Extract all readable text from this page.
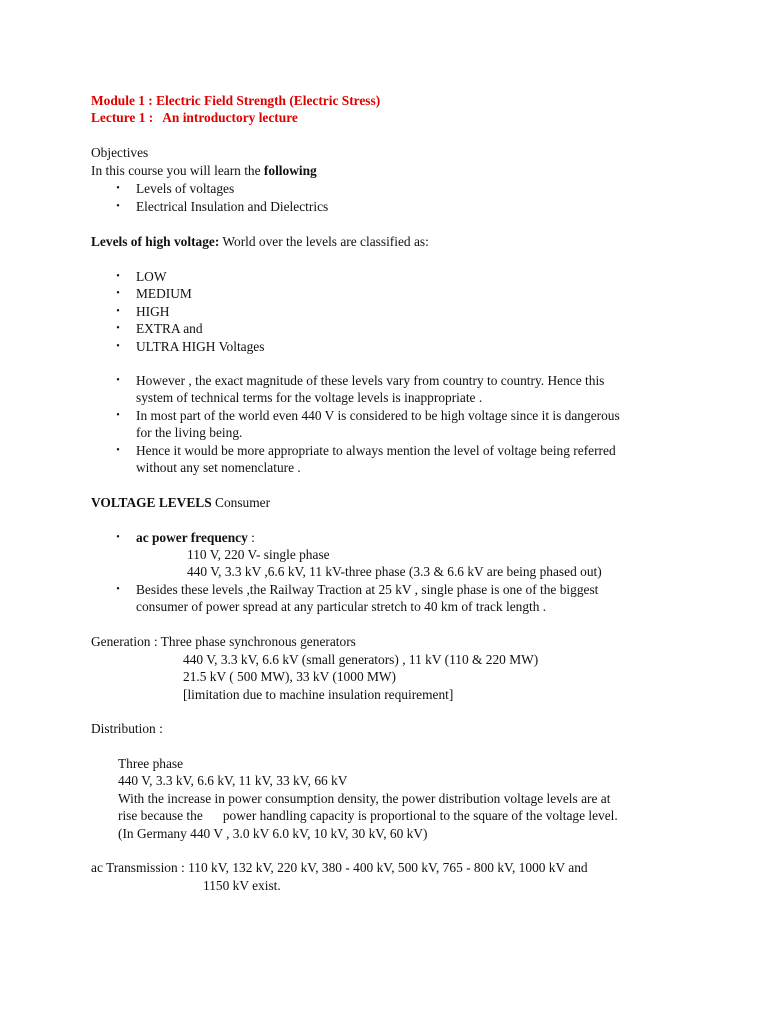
Module 1 : Electric Field Strength (Electric Stress)
Lecture 1 : An introductory lecture
Objectives
In this course you will learn the following
• Levels of voltages
• Electrical Insulation and Dielectrics
Levels of high voltage: World over the levels are classified as:
• LOW
• MEDIUM
• HIGH
• EXTRA and
• ULTRA HIGH Voltages
• However , the exact magnitude of these levels vary from country to country. Hence this
system of technical terms for the voltage levels is inappropriate .
• In most part of the world even 440 V is considered to be high voltage since it is dangerous
for the living being.
• Hence it would be more appropriate to always mention the level of voltage being referred
without any set nomenclature .
VOLTAGE LEVELS Consumer
• ac power frequency :
110 V, 220 V- single phase
440 V, 3.3 kV ,6.6 kV, 11 kV-three phase (3.3 & 6.6 kV are being phased out)
• Besides these levels ,the Railway Traction at 25 kV , single phase is one of the biggest
consumer of power spread at any particular stretch to 40 km of track length .
Generation : Three phase synchronous generators
440 V, 3.3 kV, 6.6 kV (small generators) , 11 kV (110 & 220 MW)
21.5 kV ( 500 MW), 33 kV (1000 MW)
[limitation due to machine insulation requirement]
Distribution :
Three phase
440 V, 3.3 kV, 6.6 kV, 11 kV, 33 kV, 66 kV
With the increase in power consumption density, the power distribution voltage levels are at
rise because the      power handling capacity is proportional to the square of the voltage level.
(In Germany 440 V , 3.0 kV 6.0 kV, 10 kV, 30 kV, 60 kV)
ac Transmission : 110 kV, 132 kV, 220 kV, 380 - 400 kV, 500 kV, 765 - 800 kV, 1000 kV and
1150 kV exist.
